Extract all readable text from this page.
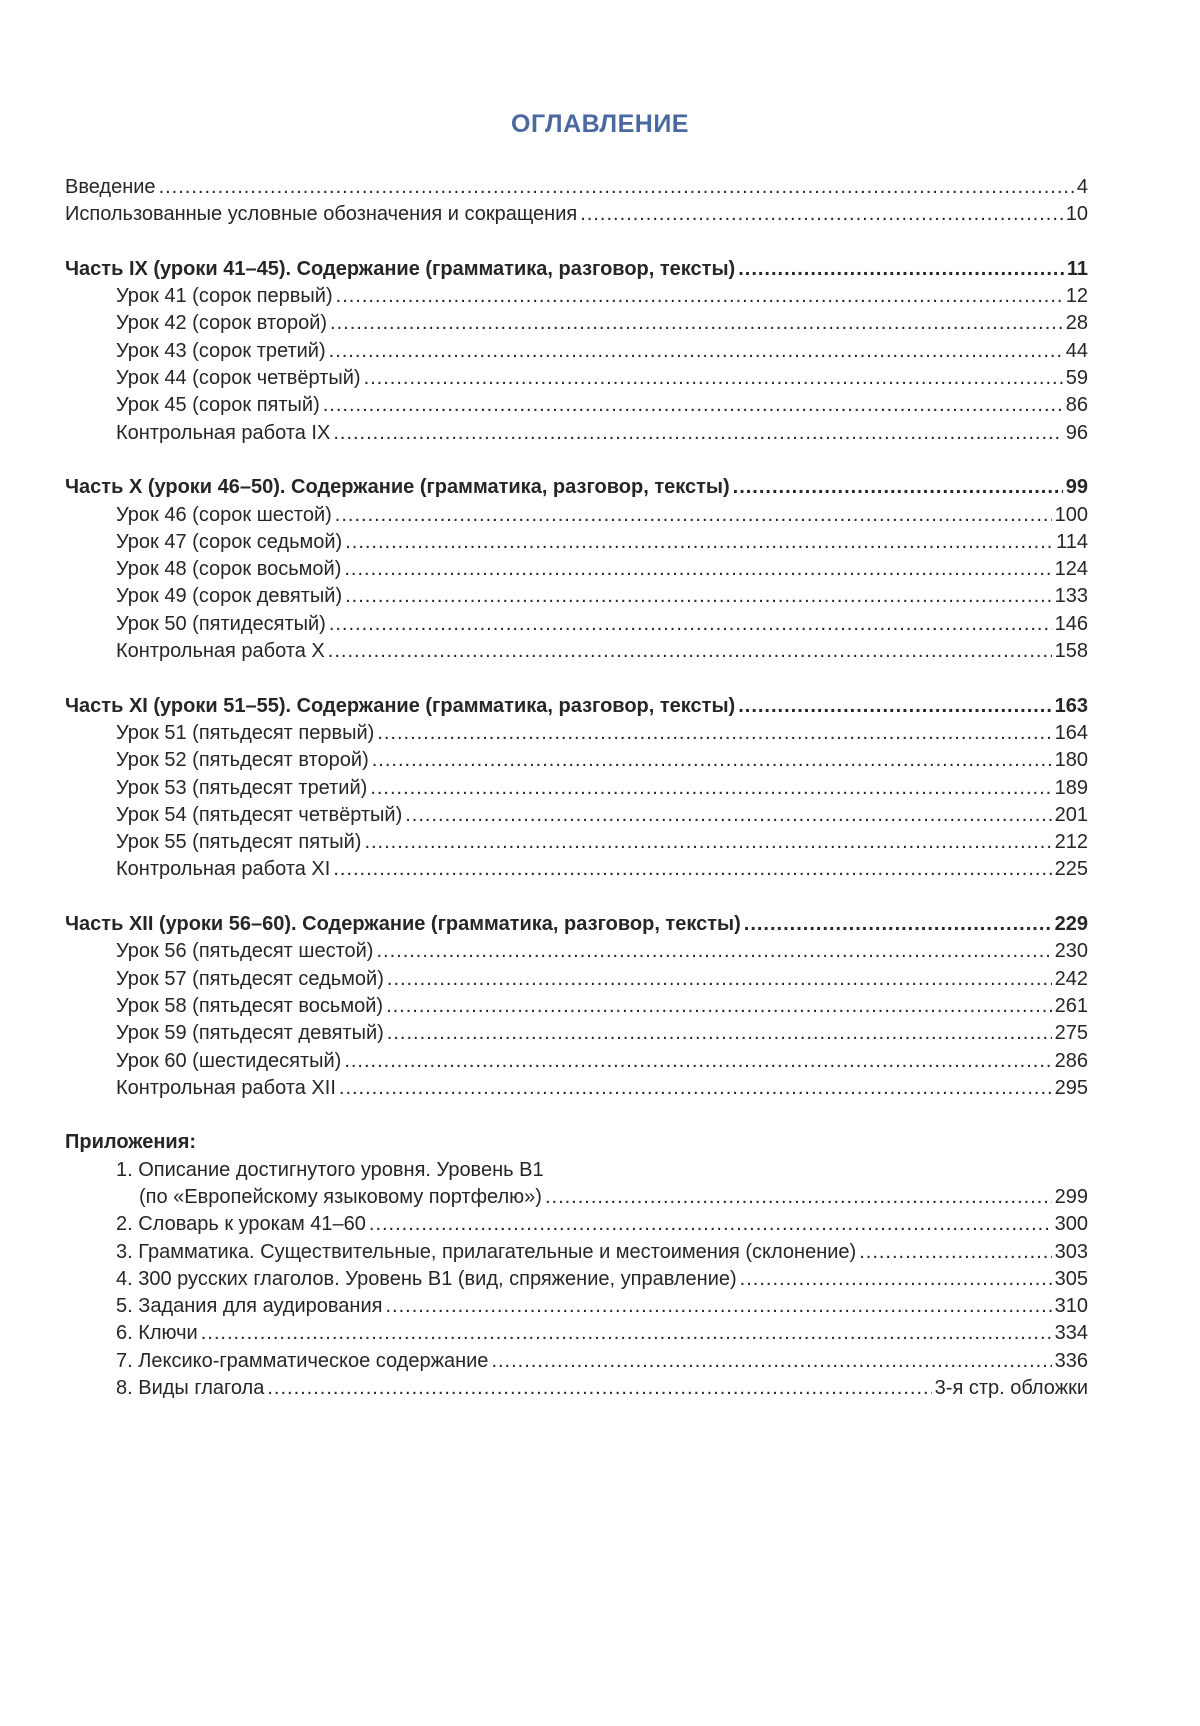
ОГЛАВЛЕНИЕ
Введение .....	4
Использованные условные обозначения и сокращения .....	10
Часть IX (уроки 41–45). Содержание (грамматика, разговор, тексты) .....	11
Урок 41 (сорок первый) .....	12
Урок 42 (сорок второй) .....	28
Урок 43 (сорок третий) .....	44
Урок 44 (сорок четвёртый) .....	59
Урок 45 (сорок пятый) .....	86
Контрольная работа IX .....	96
Часть X (уроки 46–50). Содержание (грамматика, разговор, тексты) .....	99
Урок 46 (сорок шестой) .....	100
Урок 47 (сорок седьмой) .....	114
Урок 48 (сорок восьмой) .....	124
Урок 49 (сорок девятый) .....	133
Урок 50 (пятидесятый) .....	146
Контрольная работа X .....	158
Часть XI (уроки 51–55). Содержание (грамматика, разговор, тексты) .....	163
Урок 51 (пятьдесят первый) .....	164
Урок 52 (пятьдесят второй) .....	180
Урок 53 (пятьдесят третий) .....	189
Урок 54 (пятьдесят четвёртый) .....	201
Урок 55 (пятьдесят пятый) .....	212
Контрольная работа XI .....	225
Часть XII (уроки 56–60). Содержание (грамматика, разговор, тексты) .....	229
Урок 56 (пятьдесят шестой) .....	230
Урок 57 (пятьдесят седьмой) .....	242
Урок 58 (пятьдесят восьмой) .....	261
Урок 59 (пятьдесят девятый) .....	275
Урок 60 (шестидесятый) .....	286
Контрольная работа XII .....	295
Приложения:
1. Описание достигнутого уровня. Уровень В1
(по «Европейскому языковому портфелю») .....	299
2. Словарь к урокам 41–60 .....	300
3. Грамматика. Существительные, прилагательные и местоимения (склонение) .....	303
4. 300 русских глаголов. Уровень В1 (вид, спряжение, управление) .....	305
5. Задания для аудирования .....	310
6. Ключи .....	334
7. Лексико-грамматическое содержание .....	336
8. Виды глагола .....	3-я стр. обложки
